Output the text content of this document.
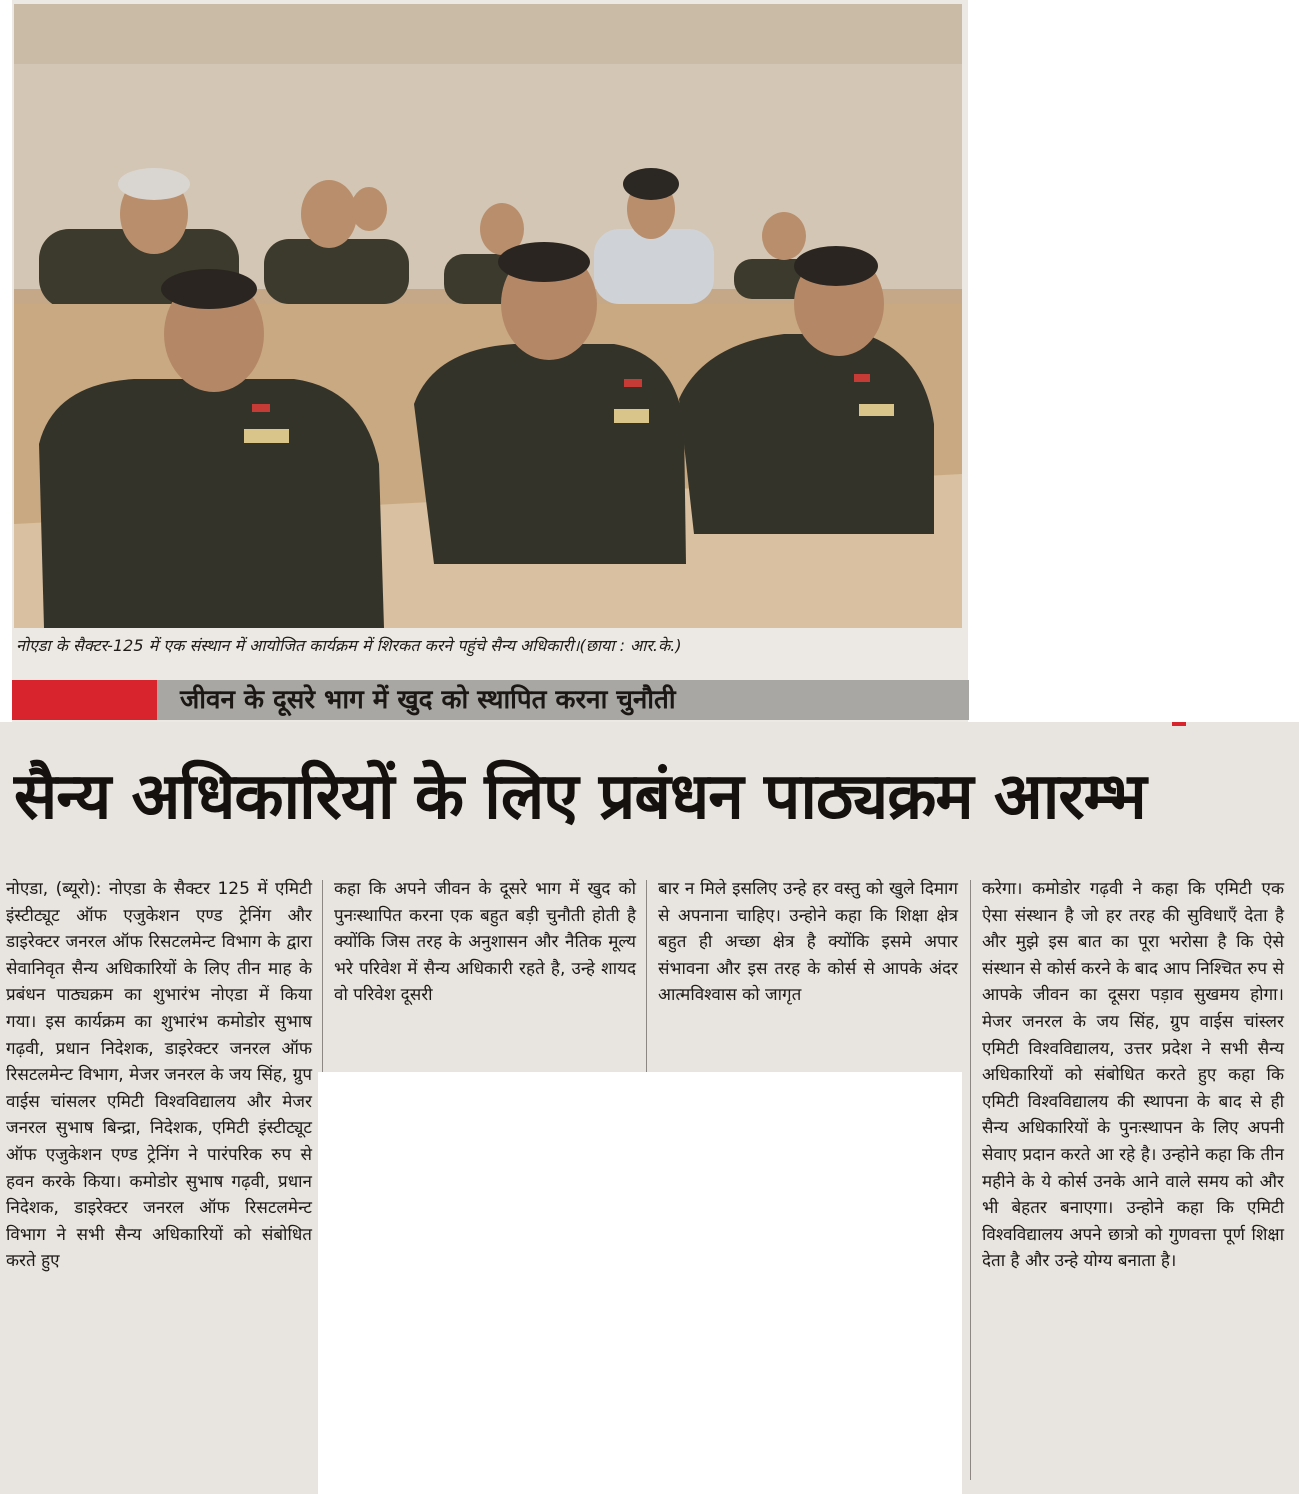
नोएडा के सैक्टर-125 में एक संस्थान में आयोजित कार्यक्रम में शिरकत करने पहुंचे सैन्य अधिकारी।(छाया : आर.के.)
जीवन के दूसरे भाग में खुद को स्थापित करना चुनौती
सैन्य अधिकारियों के लिए प्रबंधन पाठ्यक्रम आरम्भ

नोएडा, (ब्यूरो): नोएडा के सैक्टर 125 में एमिटी इंस्टीट्यूट ऑफ एजुकेशन एण्ड ट्रेनिंग और डाइरेक्टर जनरल ऑफ रिसटलमेन्ट विभाग के द्वारा सेवानिवृत सैन्य अधिकारियों के लिए तीन माह के प्रबंधन पाठ्यक्रम का शुभारंभ नोएडा में किया गया। इस कार्यक्रम का शुभारंभ कमोडोर सुभाष गढ़वी, प्रधान निदेशक, डाइरेक्टर जनरल ऑफ रिसटलमेन्ट विभाग, मेजर जनरल के जय सिंह, ग्रुप वाईस चांसलर एमिटी विश्वविद्यालय और मेजर जनरल सुभाष बिन्द्रा, निदेशक, एमिटी इंस्टीट्यूट ऑफ एजुकेशन एण्ड ट्रेनिंग ने पारंपरिक रुप से हवन करके किया। कमोडोर सुभाष गढ़वी, प्रधान निदेशक, डाइरेक्टर जनरल ऑफ रिसटलमेन्ट विभाग ने सभी सैन्य अधिकारियों को संबोधित करते हुए

कहा कि अपने जीवन के दूसरे भाग में खुद को पुनःस्थापित करना एक बहुत बड़ी चुनौती होती है क्योंकि जिस तरह के अनुशासन और नैतिक मूल्य भरे परिवेश में सैन्य अधिकारी रहते है, उन्हे शायद वो परिवेश दूसरी

बार न मिले इसलिए उन्हे हर वस्तु को खुले दिमाग से अपनाना चाहिए। उन्होने कहा कि शिक्षा क्षेत्र बहुत ही अच्छा क्षेत्र है क्योंकि इसमे अपार संभावना और इस तरह के कोर्स से आपके अंदर आत्मविश्वास को जागृत

करेगा। कमोडोर गढ़वी ने कहा कि एमिटी एक ऐसा संस्थान है जो हर तरह की सुविधाएँ देता है और मुझे इस बात का पूरा भरोसा है कि ऐसे संस्थान से कोर्स करने के बाद आप निश्चित रुप से आपके जीवन का दूसरा पड़ाव सुखमय होगा। मेजर जनरल के जय सिंह, ग्रुप वाईस चांस्लर एमिटी विश्वविद्यालय, उत्तर प्रदेश ने सभी सैन्य अधिकारियों को संबोधित करते हुए कहा कि एमिटी विश्वविद्यालय की स्थापना के बाद से ही सैन्य अधिकारियों के पुनःस्थापन के लिए अपनी सेवाए प्रदान करते आ रहे है। उन्होने कहा कि तीन महीने के ये कोर्स उनके आने वाले समय को और भी बेहतर बनाएगा। उन्होने कहा कि एमिटी विश्वविद्यालय अपने छात्रो को गुणवत्ता पूर्ण शिक्षा देता है और उन्हे योग्य बनाता है।
